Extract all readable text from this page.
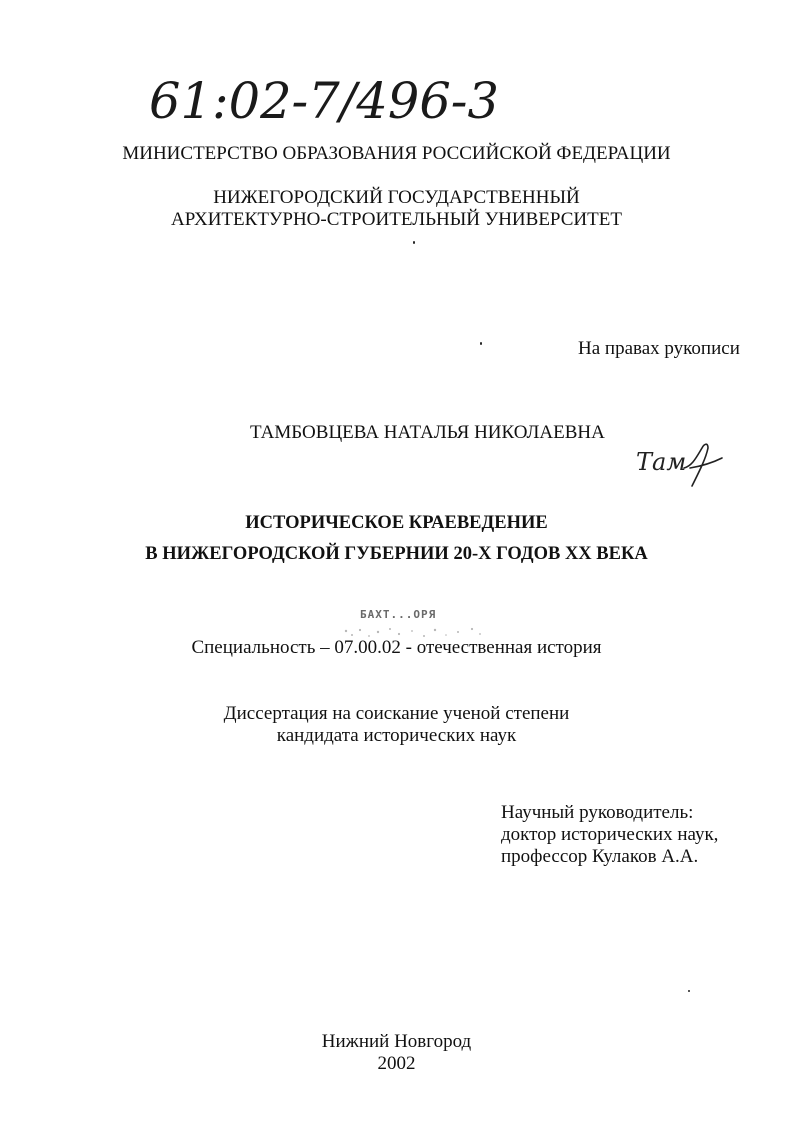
61:02-7/496-3
МИНИСТЕРСТВО ОБРАЗОВАНИЯ РОССИЙСКОЙ ФЕДЕРАЦИИ
НИЖЕГОРОДСКИЙ ГОСУДАРСТВЕННЫЙ
АРХИТЕКТУРНО-СТРОИТЕЛЬНЫЙ УНИВЕРСИТЕТ
На правах рукописи
ТАМБОВЦЕВА НАТАЛЬЯ НИКОЛАЕВНА
Там
ИСТОРИЧЕСКОЕ КРАЕВЕДЕНИЕ
В НИЖЕГОРОДСКОЙ ГУБЕРНИИ 20-Х ГОДОВ XX ВЕКА
БАХТ...ОРЯ
Специальность – 07.00.02 - отечественная история
Диссертация на соискание ученой степени
кандидата исторических наук
Научный руководитель:
доктор исторических наук,
профессор Кулаков А.А.
Нижний Новгород
2002
